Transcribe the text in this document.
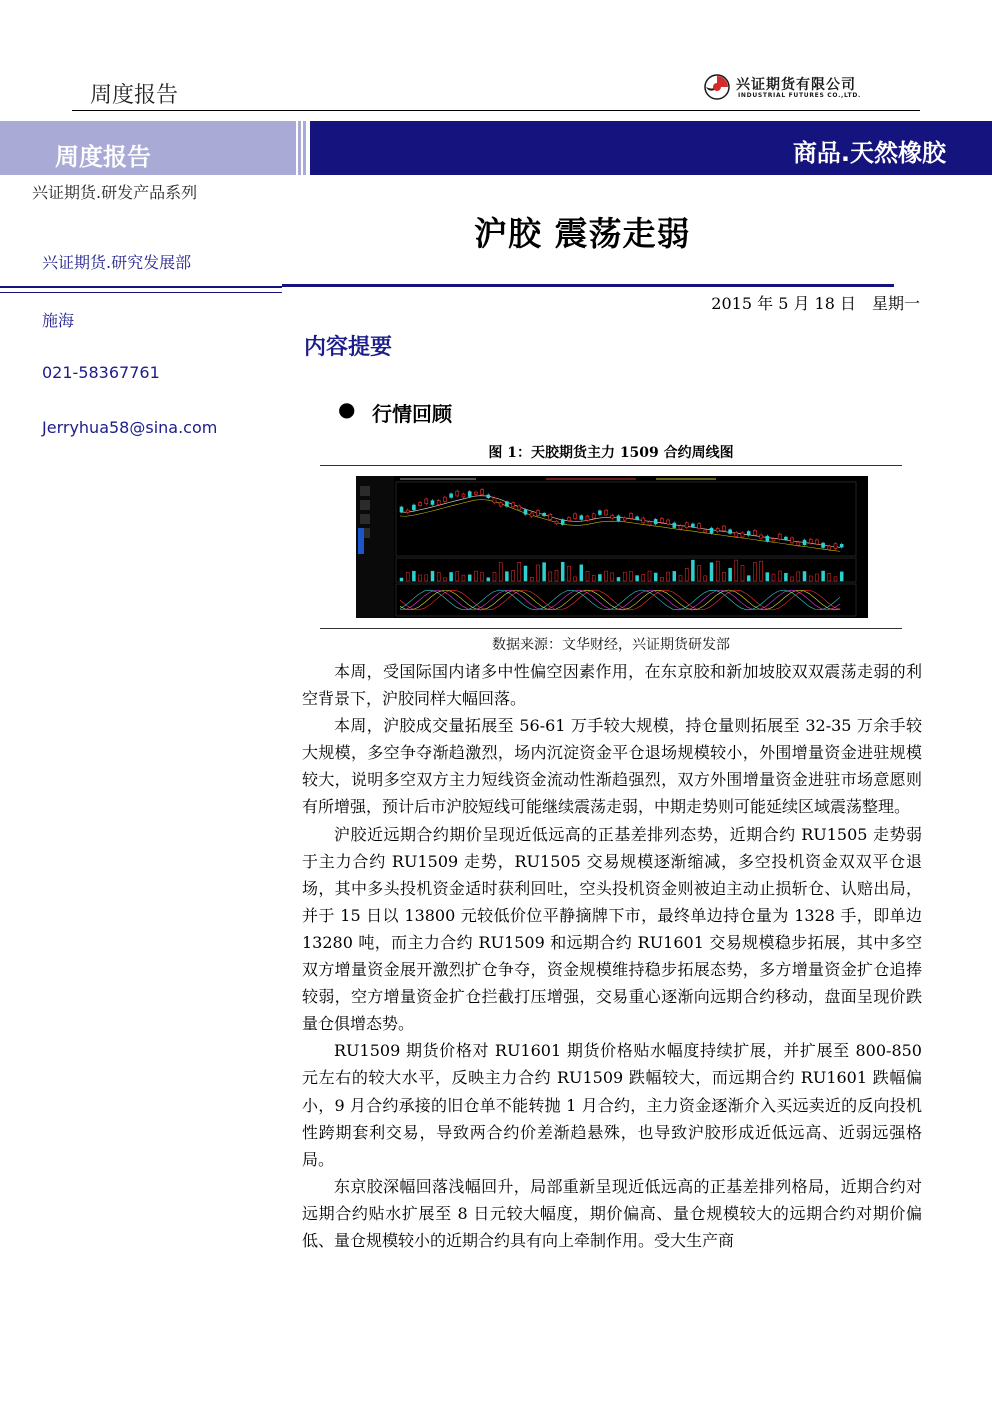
周度报告	兴证期货有限公司
INDUSTRIAL FUTURES CO.,LTD.
周度报告	商品.天然橡胶
兴证期货.研发产品系列
沪胶 震荡走弱
兴证期货.研究发展部
施海
021-58367761
Jerryhua58@sina.com
2015 年 5 月 18 日　星期一
内容提要
● 行情回顾
图 1：天胶期货主力 1509 合约周线图
数据来源：文华财经，兴证期货研发部

本周，受国际国内诸多中性偏空因素作用，在东京胶和新加坡胶双双震荡走弱的利空背景下，沪胶同样大幅回落。

本周，沪胶成交量拓展至 56-61 万手较大规模，持仓量则拓展至 32-35 万余手较大规模，多空争夺渐趋激烈，场内沉淀资金平仓退场规模较小，外围增量资金进驻规模较大，说明多空双方主力短线资金流动性渐趋强烈，双方外围增量资金进驻市场意愿则有所增强，预计后市沪胶短线可能继续震荡走弱，中期走势则可能延续区域震荡整理。

沪胶近远期合约期价呈现近低远高的正基差排列态势，近期合约 RU1505 走势弱于主力合约 RU1509 走势，RU1505 交易规模逐渐缩减，多空投机资金双双平仓退场，其中多头投机资金适时获利回吐，空头投机资金则被迫主动止损斩仓、认赔出局，并于 15 日以 13800 元较低价位平静摘牌下市，最终单边持仓量为 1328 手，即单边 13280 吨，而主力合约 RU1509 和远期合约 RU1601 交易规模稳步拓展，其中多空双方增量资金展开激烈扩仓争夺，资金规模维持稳步拓展态势，多方增量资金扩仓追捧较弱，空方增量资金扩仓拦截打压增强，交易重心逐渐向远期合约移动，盘面呈现价跌量仓俱增态势。

RU1509 期货价格对 RU1601 期货价格贴水幅度持续扩展，并扩展至 800-850 元左右的较大水平，反映主力合约 RU1509 跌幅较大，而远期合约 RU1601 跌幅偏小，9 月合约承接的旧仓单不能转抛 1 月合约，主力资金逐渐介入买远卖近的反向投机性跨期套利交易，导致两合约价差渐趋悬殊，也导致沪胶形成近低远高、近弱远强格局。

东京胶深幅回落浅幅回升，局部重新呈现近低远高的正基差排列格局，近期合约对远期合约贴水扩展至 8 日元较大幅度，期价偏高、量仓规模较大的远期合约对期价偏低、量仓规模较小的近期合约具有向上牵制作用。受大生产商
